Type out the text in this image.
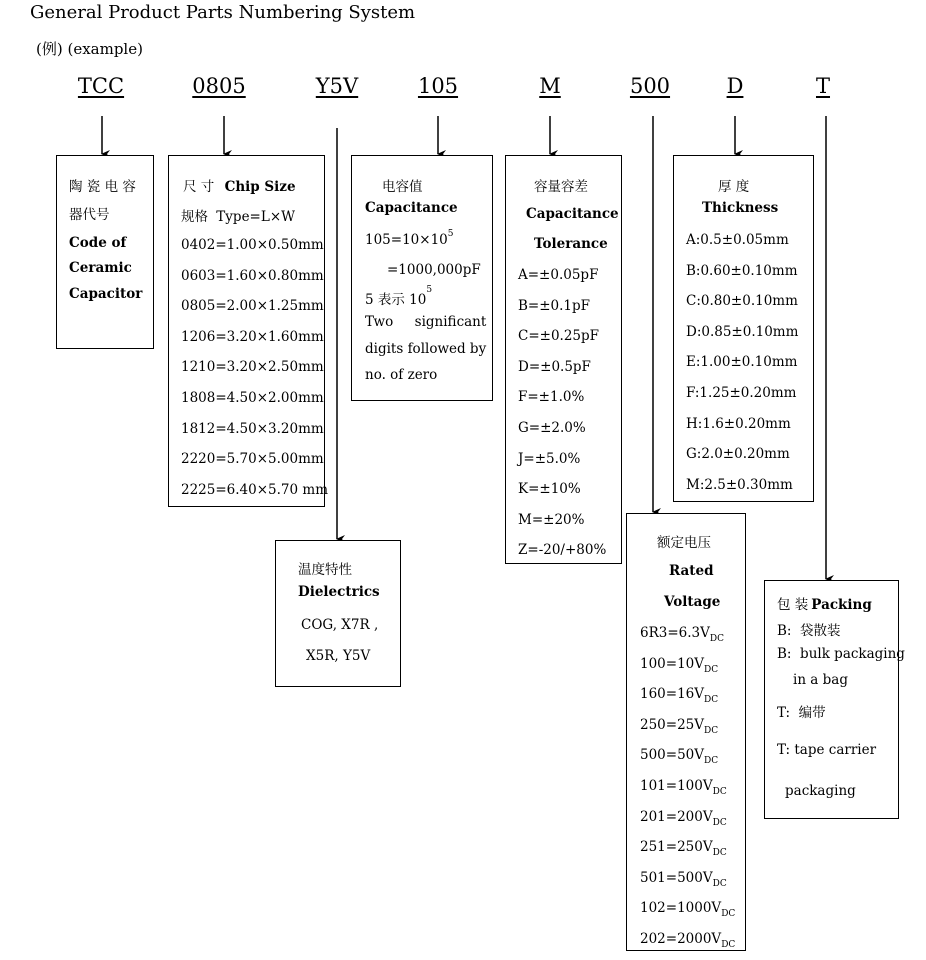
General Product Parts Numbering System
(例) (example)
TCC	0805	Y5V	105	M	500	D	T
陶 瓷 电 容
器代号
Code of
Ceramic
Capacitor
尺 寸 Chip Size
规格 Type=L×W
0402=1.00×0.50mm
0603=1.60×0.80mm
0805=2.00×1.25mm
1206=3.20×1.60mm
1210=3.20×2.50mm
1808=4.50×2.00mm
1812=4.50×3.20mm
2220=5.70×5.00mm
2225=6.40×5.70 mm
温度特性
Dielectrics
COG, X7R ,
X5R, Y5V
电容值
Capacitance
$105=10\times 10^5$
=1000,000pF
5 表示 $10^5$
Two     significant
digits followed by
no. of zero
容量容差
Capacitance
Tolerance
A=±0.05pF
B=±0.1pF
C=±0.25pF
D=±0.5pF
F=±1.0%
G=±2.0%
J=±5.0%
K=±10%
M=±20%
Z=-20/+80%	额定电压
Rated
Voltage
$6R3=6.3V_{DC}$
$100=10V_{DC}$
$160=16V_{DC}$
$250=25V_{DC}$
$500=50V_{DC}$
$101=100V_{DC}$
$201=200V_{DC}$
$251=250V_{DC}$
$501=500V_{DC}$
$102=1000V_{DC}$
$202=2000V_{DC}$
厚 度
Thickness
A:0.5±0.05mm
B:0.60±0.10mm
C:0.80±0.10mm
D:0.85±0.10mm
E:1.00±0.10mm
F:1.25±0.20mm
H:1.6±0.20mm
G:2.0±0.20mm
M:2.5±0.30mm
包 装 Packing
B:  袋散装
B:  bulk packaging
in a bag
T:  编带
T: tape carrier
packaging
